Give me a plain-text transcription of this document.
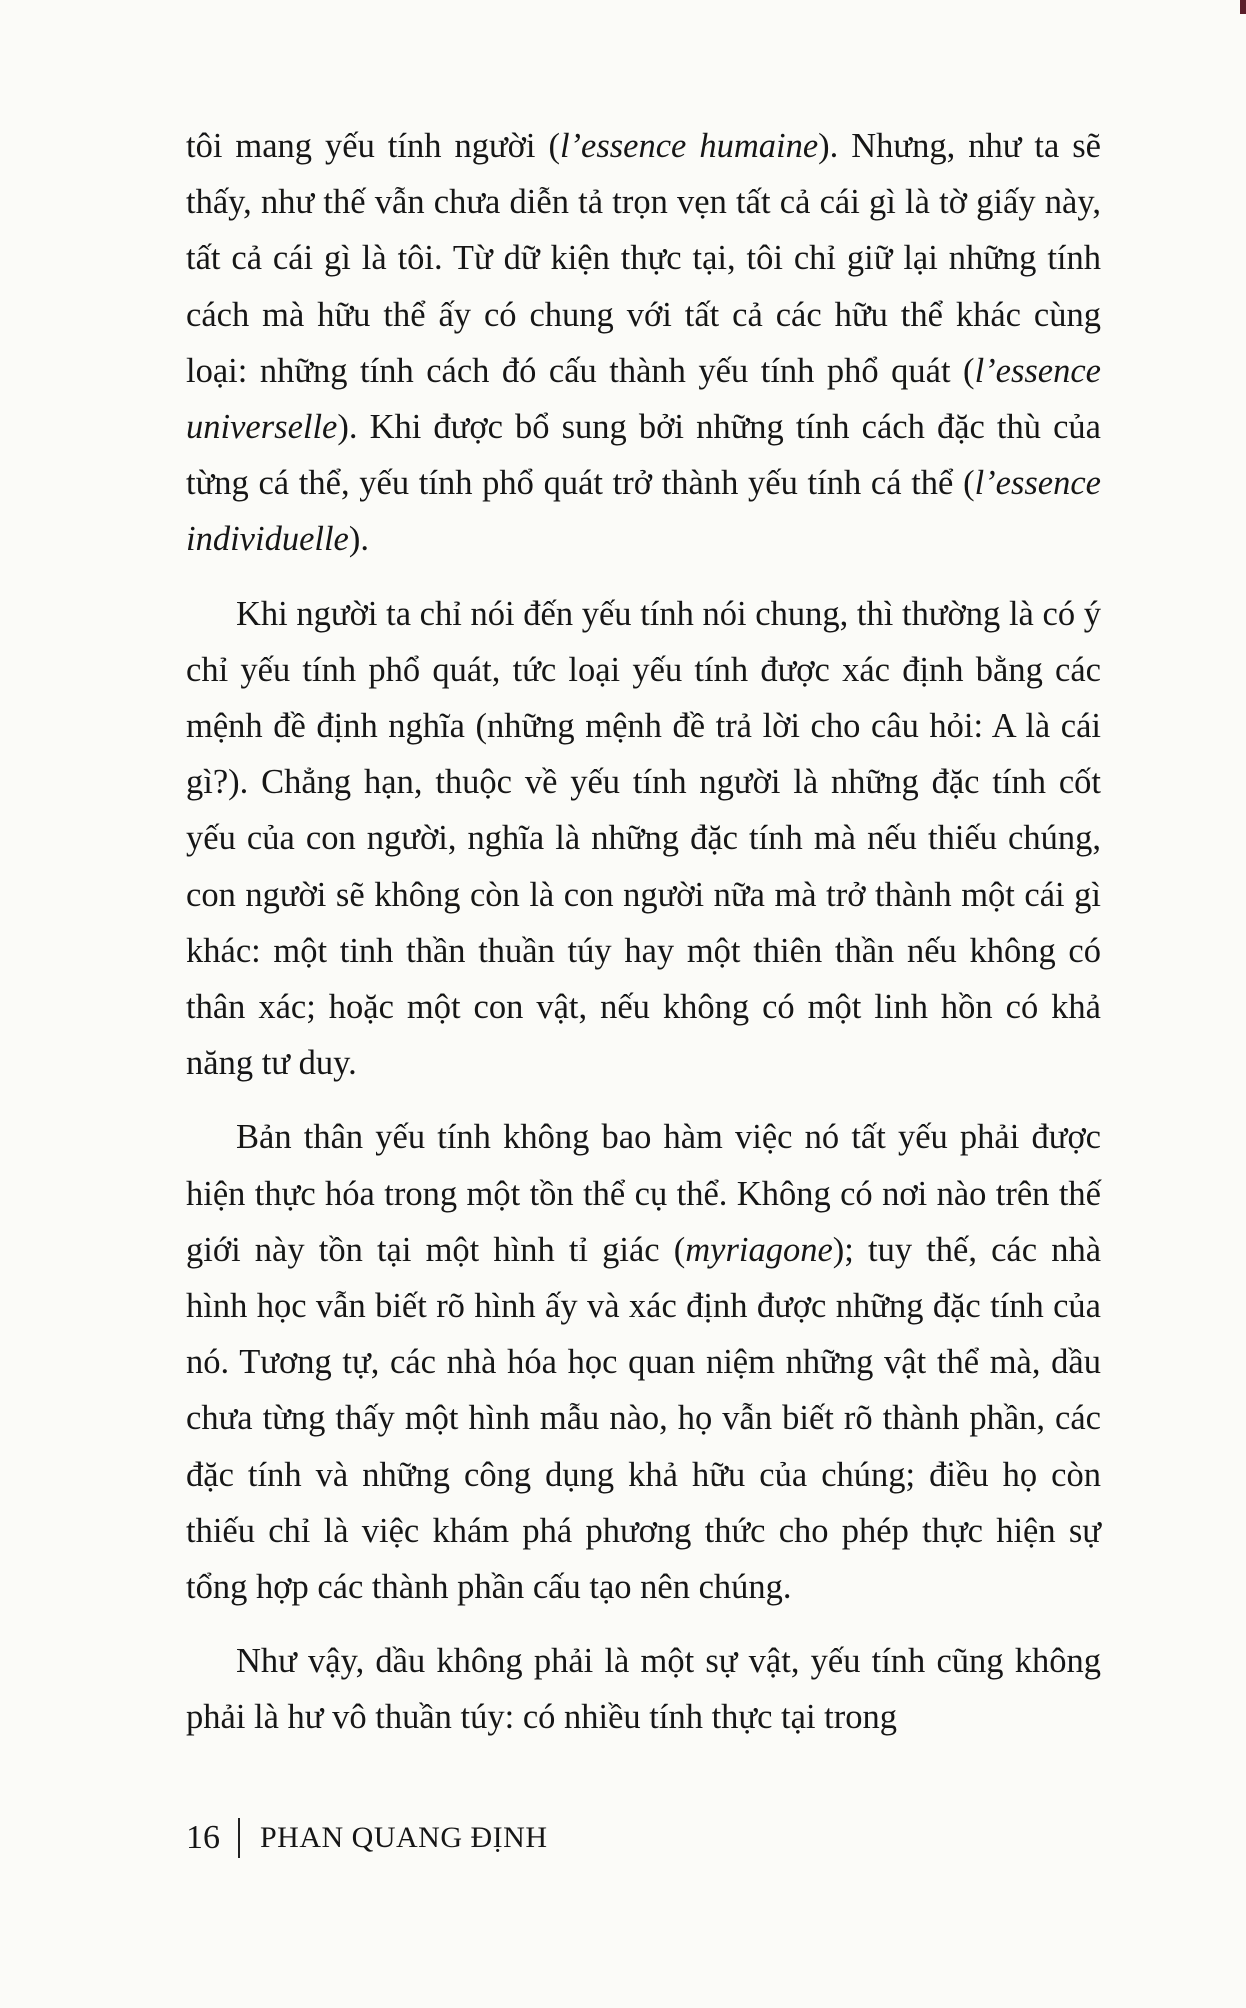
tôi mang yếu tính người (l’essence humaine). Nhưng, như ta sẽ thấy, như thế vẫn chưa diễn tả trọn vẹn tất cả cái gì là tờ giấy này, tất cả cái gì là tôi. Từ dữ kiện thực tại, tôi chỉ giữ lại những tính cách mà hữu thể ấy có chung với tất cả các hữu thể khác cùng loại: những tính cách đó cấu thành yếu tính phổ quát (l’essence universelle). Khi được bổ sung bởi những tính cách đặc thù của từng cá thể, yếu tính phổ quát trở thành yếu tính cá thể (l’essence individuelle).

Khi người ta chỉ nói đến yếu tính nói chung, thì thường là có ý chỉ yếu tính phổ quát, tức loại yếu tính được xác định bằng các mệnh đề định nghĩa (những mệnh đề trả lời cho câu hỏi: A là cái gì?). Chẳng hạn, thuộc về yếu tính người là những đặc tính cốt yếu của con người, nghĩa là những đặc tính mà nếu thiếu chúng, con người sẽ không còn là con người nữa mà trở thành một cái gì khác: một tinh thần thuần túy hay một thiên thần nếu không có thân xác; hoặc một con vật, nếu không có một linh hồn có khả năng tư duy.

Bản thân yếu tính không bao hàm việc nó tất yếu phải được hiện thực hóa trong một tồn thể cụ thể. Không có nơi nào trên thế giới này tồn tại một hình tỉ giác (myriagone); tuy thế, các nhà hình học vẫn biết rõ hình ấy và xác định được những đặc tính của nó. Tương tự, các nhà hóa học quan niệm những vật thể mà, dầu chưa từng thấy một hình mẫu nào, họ vẫn biết rõ thành phần, các đặc tính và những công dụng khả hữu của chúng; điều họ còn thiếu chỉ là việc khám phá phương thức cho phép thực hiện sự tổng hợp các thành phần cấu tạo nên chúng.

Như vậy, dầu không phải là một sự vật, yếu tính cũng không phải là hư vô thuần túy: có nhiều tính thực tại trong

16 PHAN QUANG ĐỊNH
